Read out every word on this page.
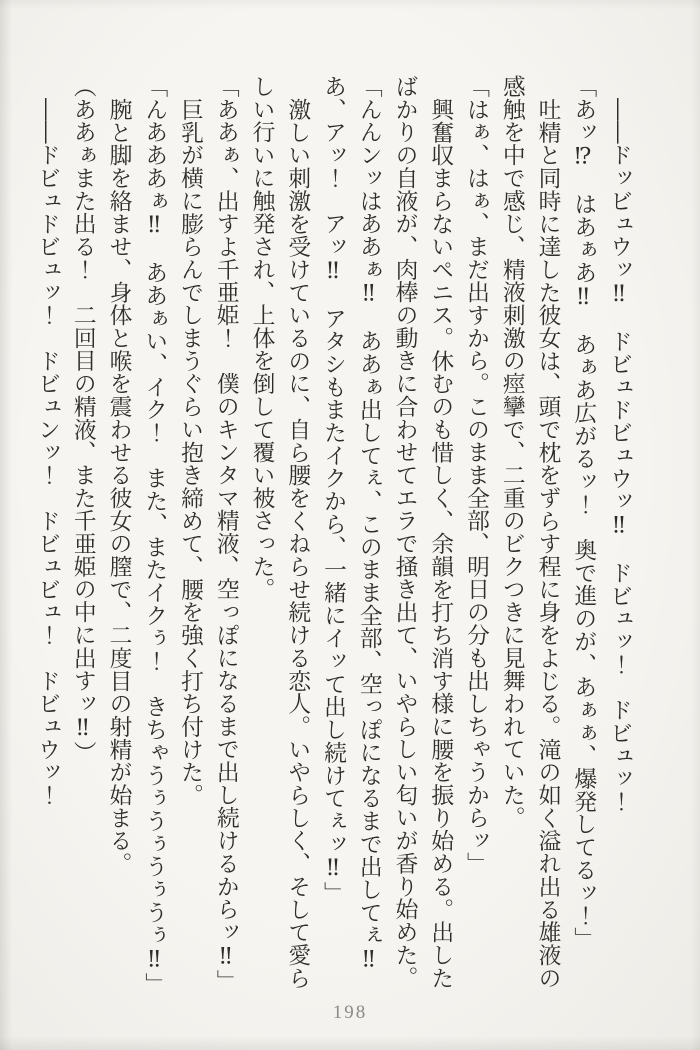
――ドッビュウッ‼　ドビュドビュウッ‼　ドビュッ！　ドビュッ！
「あッ⁉　はあぁあ‼　あぁあ広がるッ！　奥で進のが、あぁぁ、爆発してるッ！」
吐精と同時に達した彼女は、頭で枕をずらす程に身をよじる。滝の如く溢れ出る雄液の
感触を中で感じ、精液刺激の痙攣で、二重のビクつきに見舞われていた。
「はぁ、はぁ、まだ出すから。このまま全部、明日の分も出しちゃうからッ」
興奮収まらないペニス。休むのも惜しく、余韻を打ち消す様に腰を振り始める。出した
ばかりの自液が、肉棒の動きに合わせてエラで掻き出て、いやらしい匂いが香り始めた。
「んんンッはああぁ‼　ああぁ出してぇ、このまま全部、空っぽになるまで出してぇ‼
あ、アッ！　アッ‼　アタシもまたイクから、一緒にイッて出し続けてぇッ‼」
激しい刺激を受けているのに、自ら腰をくねらせ続ける恋人。いやらしく、そして愛ら
しい行いに触発され、上体を倒して覆い被さった。
「ああぁ、出すよ千亜姫！　僕のキンタマ精液、空っぽになるまで出し続けるからッ‼」
巨乳が横に膨らんでしまうぐらい抱き締めて、腰を強く打ち付けた。
「んあああぁ‼　ああぁい、イク！　また、またイクぅ！　きちゃうぅうぅうぅうぅ‼」
腕と脚を絡ませ、身体と喉を震わせる彼女の膣で、二度目の射精が始まる。
（ああぁまた出る！　二回目の精液、また千亜姫の中に出すッ‼）
――ドビュドビュッ！　ドビュンッ！　ドビュビュ！　ドビュウッ！
198
